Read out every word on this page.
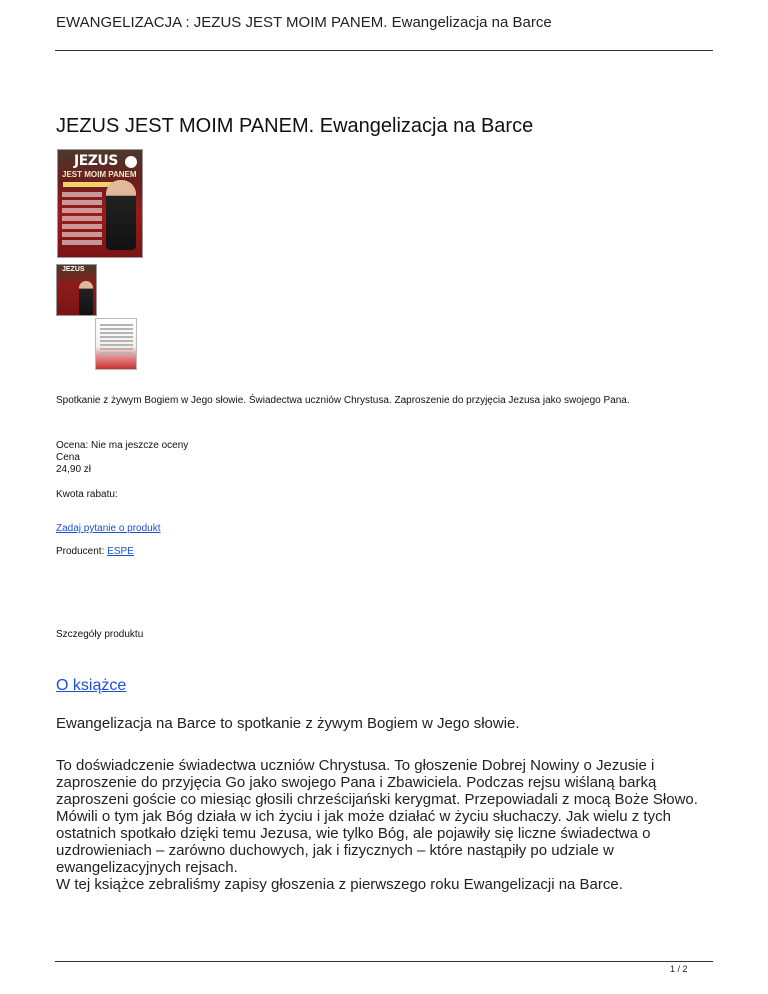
EWANGELIZACJA : JEZUS JEST MOIM PANEM. Ewangelizacja na Barce
JEZUS JEST MOIM PANEM. Ewangelizacja na Barce
JEZUS
JEST MOIM PANEM
JEZUS
Spotkanie z żywym Bogiem w Jego słowie. Świadectwa uczniów Chrystusa. Zaproszenie do przyjęcia Jezusa jako swojego Pana.
Ocena: Nie ma jeszcze oceny
Cena
24,90 zł
Kwota rabatu:
Zadaj pytanie o produkt
Producent: ESPE
Szczegóły produktu
O książce
Ewangelizacja na Barce to spotkanie z żywym Bogiem w Jego słowie.
To doświadczenie świadectwa uczniów Chrystusa. To głoszenie Dobrej Nowiny o Jezusie i zaproszenie do przyjęcia Go jako swojego Pana i Zbawiciela. Podczas rejsu wiślaną barką zaproszeni goście co miesiąc głosili chrześcijański kerygmat. Przepowiadali z mocą Boże Słowo. Mówili o tym jak Bóg działa w ich życiu i jak może działać w życiu słuchaczy. Jak wielu z tych ostatnich spotkało dzięki temu Jezusa, wie tylko Bóg, ale pojawiły się liczne świadectwa o uzdrowieniach – zarówno duchowych, jak i fizycznych – które nastąpiły po udziale w ewangelizacyjnych rejsach.
W tej książce zebraliśmy zapisy głoszenia z pierwszego roku Ewangelizacji na Barce.
1 / 2
